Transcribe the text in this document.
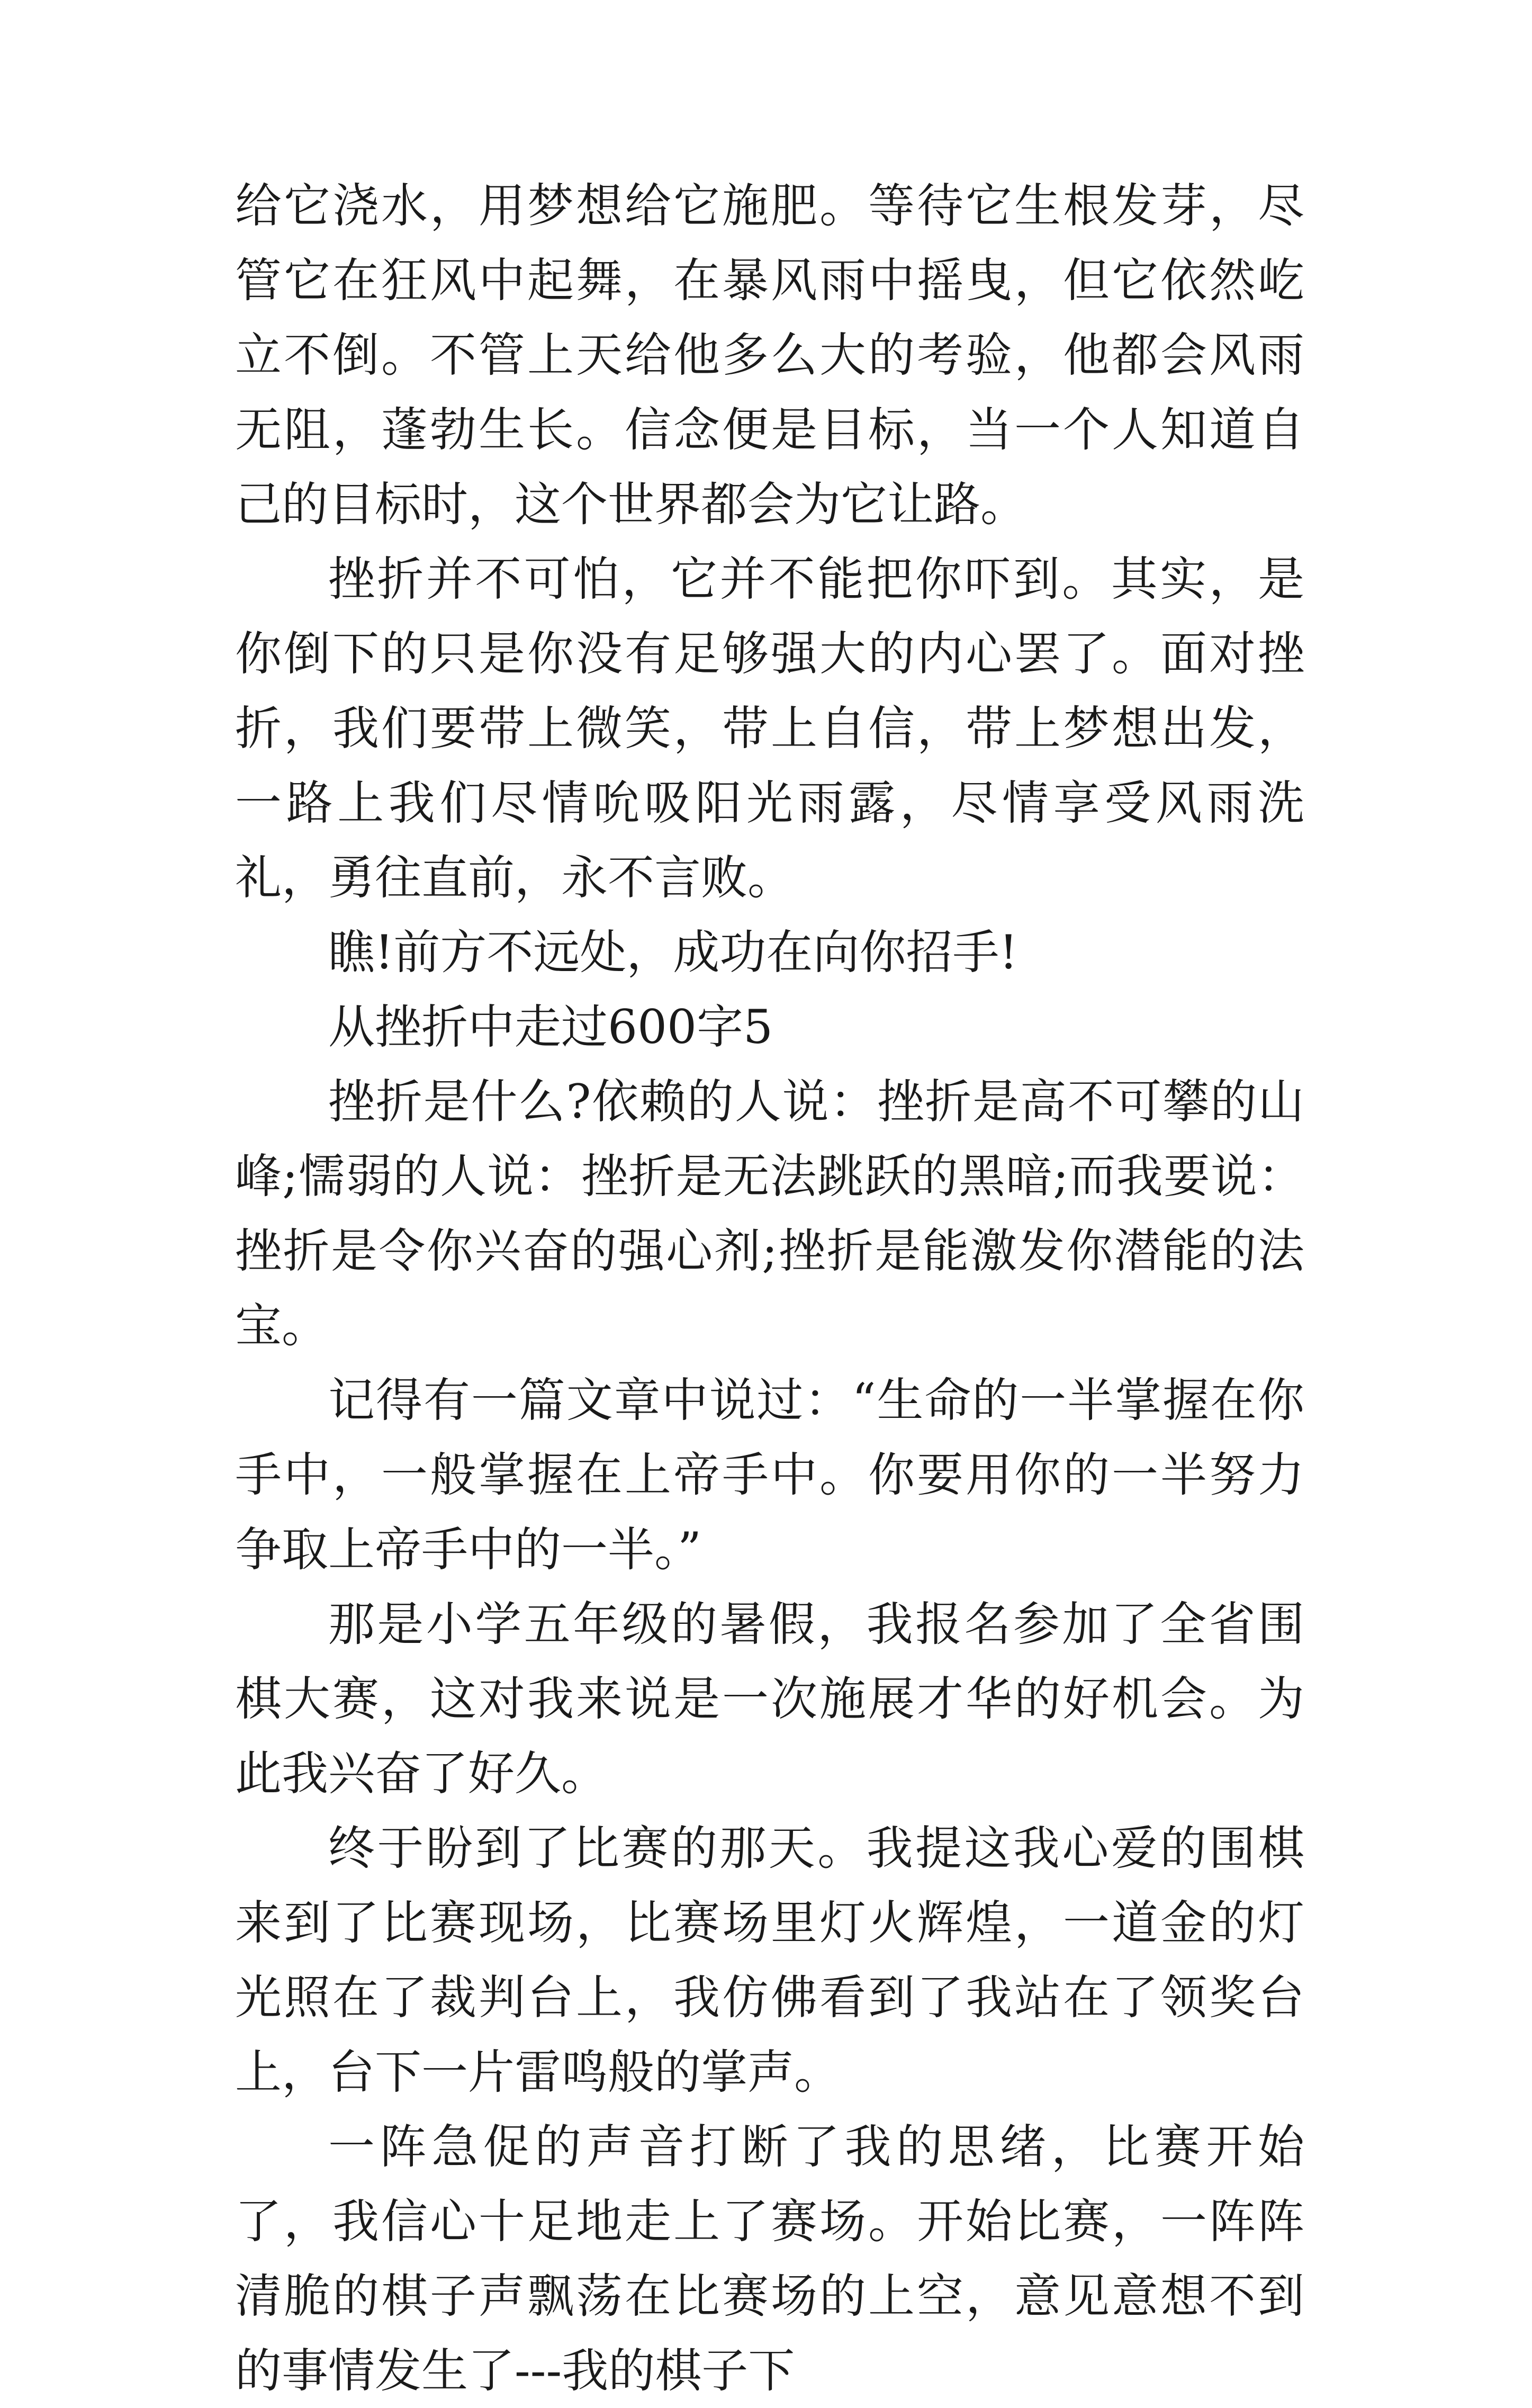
给它浇水，用梦想给它施肥。等待它生根发芽，尽管它在狂风中起舞，在暴风雨中摇曳，但它依然屹立不倒。不管上天给他多么大的考验，他都会风雨无阻，蓬勃生长。信念便是目标，当一个人知道自己的目标时，这个世界都会为它让路。

挫折并不可怕，它并不能把你吓到。其实，是你倒下的只是你没有足够强大的内心罢了。面对挫折，我们要带上微笑，带上自信，带上梦想出发，一路上我们尽情吮吸阳光雨露，尽情享受风雨洗礼，勇往直前，永不言败。

瞧!前方不远处，成功在向你招手!

从挫折中走过600字5

挫折是什么?依赖的人说：挫折是高不可攀的山峰;懦弱的人说：挫折是无法跳跃的黑暗;而我要说：挫折是令你兴奋的强心剂;挫折是能激发你潜能的法宝。

记得有一篇文章中说过：“生命的一半掌握在你手中，一般掌握在上帝手中。你要用你的一半努力争取上帝手中的一半。”

那是小学五年级的暑假，我报名参加了全省围棋大赛，这对我来说是一次施展才华的好机会。为此我兴奋了好久。

终于盼到了比赛的那天。我提这我心爱的围棋来到了比赛现场，比赛场里灯火辉煌，一道金的灯光照在了裁判台上，我仿佛看到了我站在了领奖台上，台下一片雷鸣般的掌声。

一阵急促的声音打断了我的思绪，比赛开始了，我信心十足地走上了赛场。开始比赛，一阵阵清脆的棋子声飘荡在比赛场的上空，意见意想不到的事情发生了---我的棋子下
